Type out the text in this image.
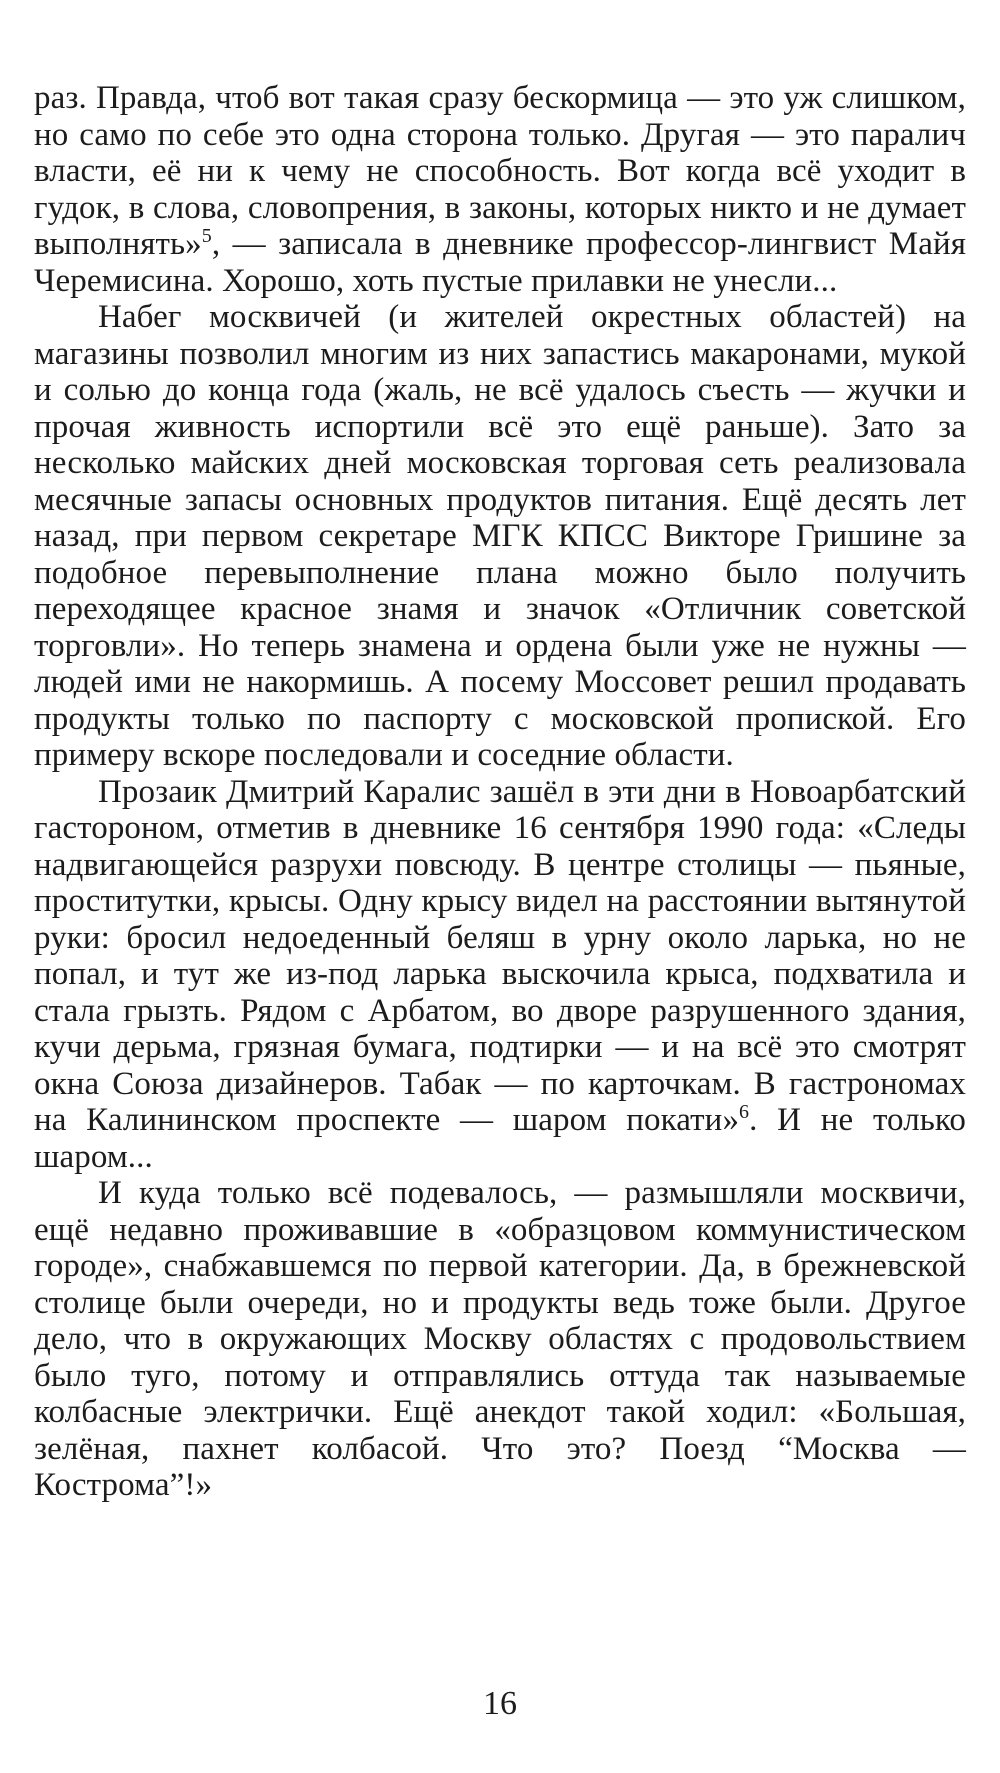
раз. Правда, чтоб вот такая сразу бескормица — это уж слишком, но само по себе это одна сторона только. Другая — это паралич власти, её ни к чему не способность. Вот когда всё уходит в гудок, в слова, словопрения, в законы, которых никто и не думает выполнять»$^5$, — записала в дневнике профессор-лингвист Майя Черемисина. Хорошо, хоть пустые прилавки не унесли...

Набег москвичей (и жителей окрестных областей) на магазины позволил многим из них запастись макаронами, мукой и солью до конца года (жаль, не всё удалось съесть — жучки и прочая живность испортили всё это ещё раньше). Зато за несколько майских дней московская торговая сеть реализовала месячные запасы основных продуктов питания. Ещё десять лет назад, при первом секретаре МГК КПСС Викторе Гришине за подобное перевыполнение плана можно было получить переходящее красное знамя и значок «Отличник советской торговли». Но теперь знамена и ордена были уже не нужны — людей ими не накормишь. А посему Моссовет решил продавать продукты только по паспорту с московской пропиской. Его примеру вскоре последовали и соседние области.

Прозаик Дмитрий Каралис зашёл в эти дни в Новоарбатский гастороном, отметив в дневнике 16 сентября 1990 года: «Следы надвигающейся разрухи повсюду. В центре столицы — пьяные, проститутки, крысы. Одну крысу видел на расстоянии вытянутой руки: бросил недоеденный беляш в урну около ларька, но не попал, и тут же из-под ларька выскочила крыса, подхватила и стала грызть. Рядом с Арбатом, во дворе разрушенного здания, кучи дерьма, грязная бумага, подтирки — и на всё это смотрят окна Союза дизайнеров. Табак — по карточкам. В гастрономах на Калининском проспекте — шаром покати»$^6$. И не только шаром...

И куда только всё подевалось, — размышляли москвичи, ещё недавно проживавшие в «образцовом коммунистическом городе», снабжавшемся по первой категории. Да, в брежневской столице были очереди, но и продукты ведь тоже были. Другое дело, что в окружающих Москву областях с продовольствием было туго, потому и отправлялись оттуда так называемые колбасные электрички. Ещё анекдот такой ходил: «Большая, зелёная, пахнет колбасой. Что это? Поезд “Москва — Кострома”!»

16
